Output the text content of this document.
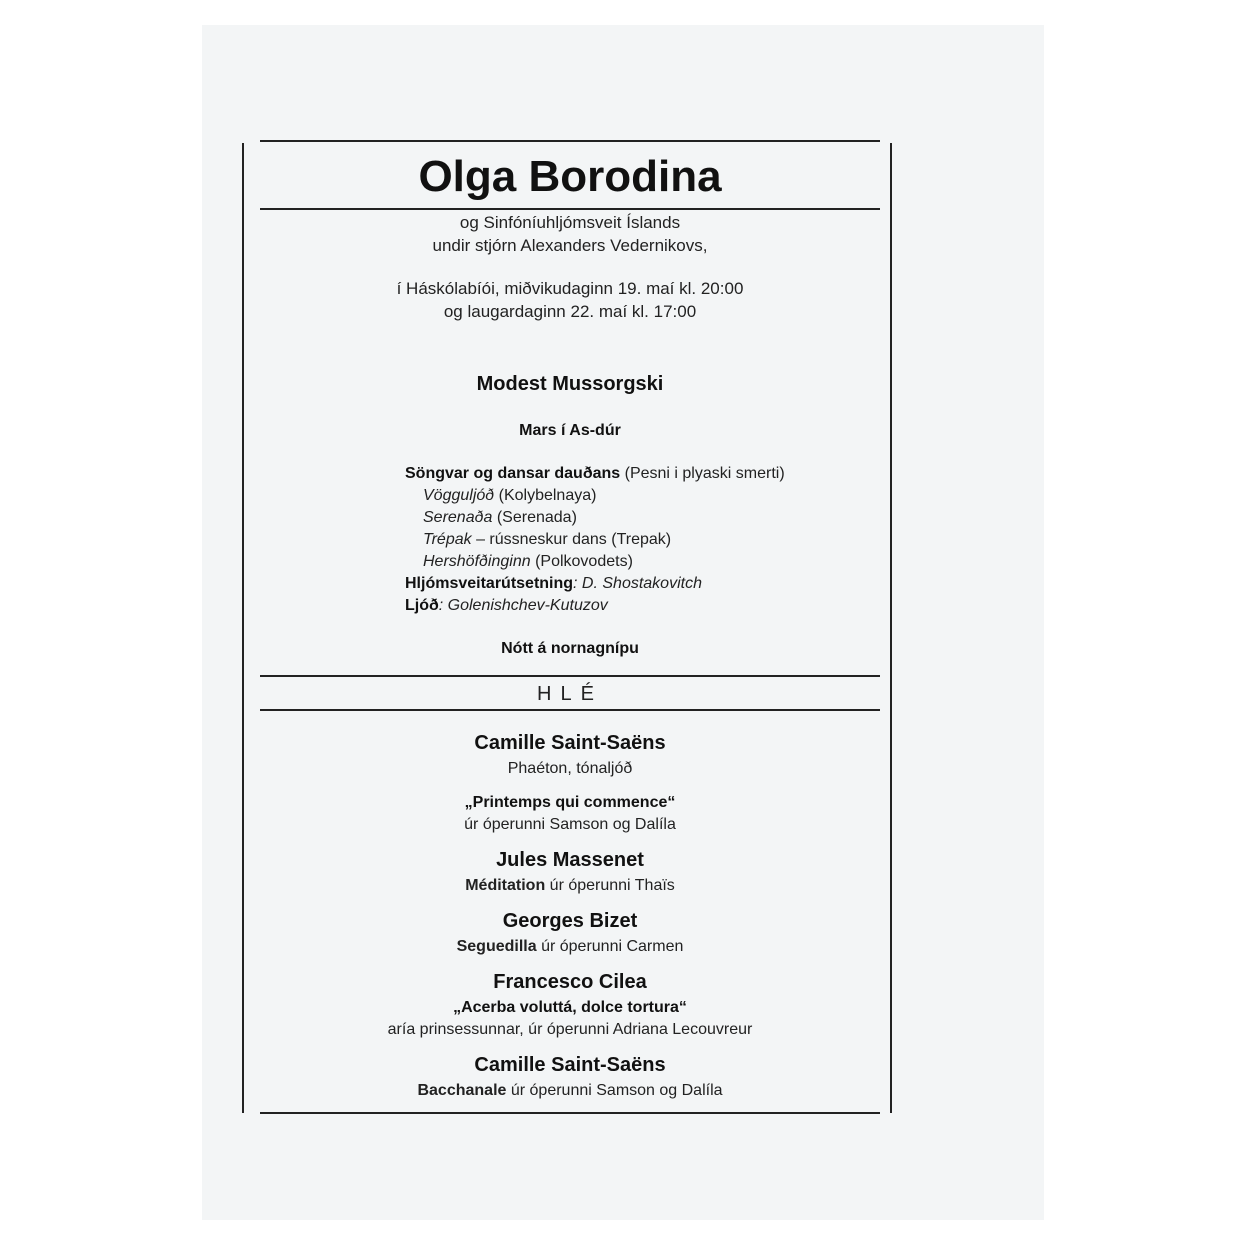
Olga Borodina
og Sinfóníuhljómsveit Íslands
undir stjórn Alexanders Vedernikovs,
í Háskólabíói, miðvikudaginn 19. maí kl. 20:00
og laugardaginn 22. maí kl. 17:00
Modest Mussorgski
Mars í As-dúr
Söngvar og dansar dauðans (Pesni i plyaski smerti)
Vögguljóð (Kolybelnaya)
Serenaða (Serenada)
Trépak – rússneskur dans (Trepak)
Hershöfðinginn (Polkovodets)
Hljómsveitarútsetning: D. Shostakovitch
Ljóð: Golenishchev-Kutuzov
Nótt á nornagnípu
HLÉ
Camille Saint-Saëns
Phaéton, tónaljóð
„Printemps qui commence“
úr óperunni Samson og Dalíla
Jules Massenet
Méditation úr óperunni Thaïs
Georges Bizet
Seguedilla úr óperunni Carmen
Francesco Cilea
„Acerba voluttá, dolce tortura“
aría prinsessunnar, úr óperunni Adriana Lecouvreur
Camille Saint-Saëns
Bacchanale úr óperunni Samson og Dalíla
